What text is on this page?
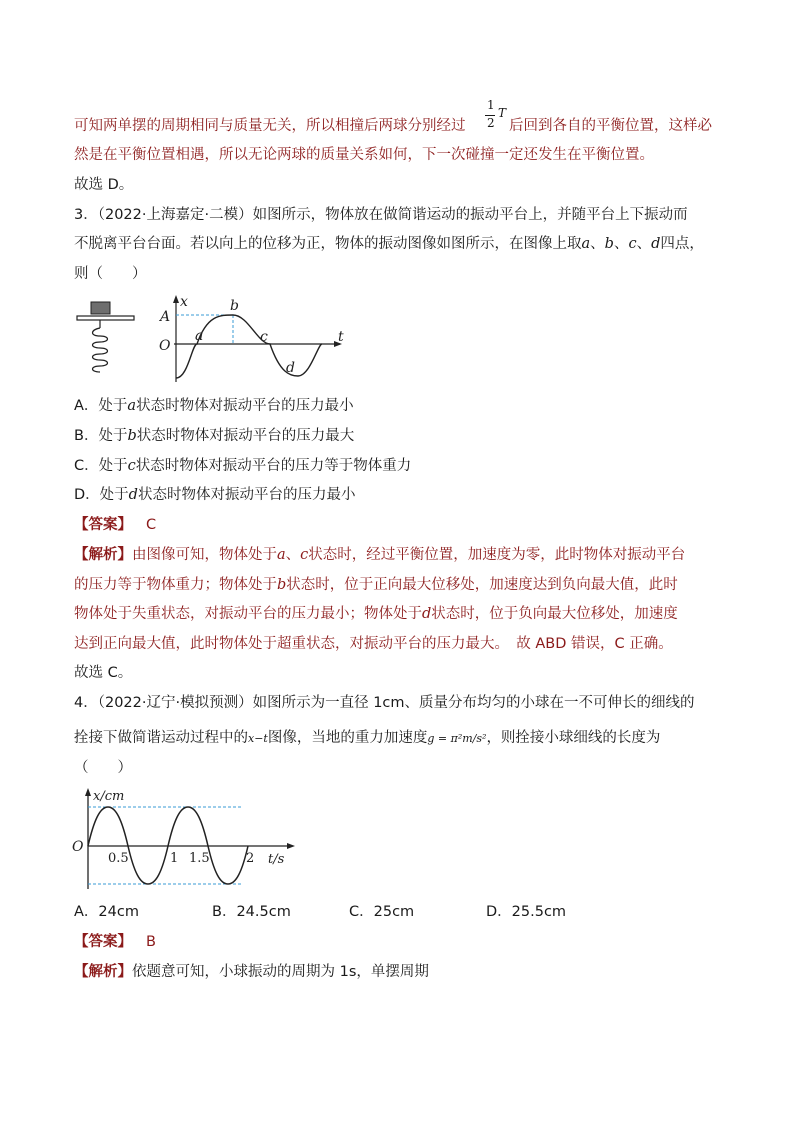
可知两单摆的周期相同与质量无关，所以相撞后两球分别经过
1
2
T
后回到各自的平衡位置，这样必
然是在平衡位置相遇，所以无论两球的质量关系如何，下一次碰撞一定还发生在平衡位置。
故选 D。
3．（2022·上海嘉定·二模）如图所示，物体放在做简谐运动的振动平台上，并随平台上下振动而
不脱离平台台面。若以向上的位移为正，物体的振动图像如图所示，在图像上取a、b、c、d四点，
则（　　）
x
A
O
t
a
b
c
d
A．处于a状态时物体对振动平台的压力最小
B．处于b状态时物体对振动平台的压力最大
C．处于c状态时物体对振动平台的压力等于物体重力
D．处于d状态时物体对振动平台的压力最小
【答案】 C
【解析】由图像可知，物体处于a、c状态时，经过平衡位置，加速度为零，此时物体对振动平台
的压力等于物体重力；物体处于b状态时，位于正向最大位移处，加速度达到负向最大值，此时
物体处于失重状态，对振动平台的压力最小；物体处于d状态时，位于负向最大位移处，加速度
达到正向最大值，此时物体处于超重状态，对振动平台的压力最大。　故 ABD 错误，C 正确。
故选 C。
4．（2022·辽宁·模拟预测）如图所示为一直径 1cm、质量分布均匀的小球在一不可伸长的细线的
拴接下做简谐运动过程中的x−t图像，当地的重力加速度g = π²m/s²，则拴接小球细线的长度为
（　　）
x/cm
O
0.5	1 1.5	2 t/s
A．24cm	B．24.5cm	C．25cm	D．25.5cm
【答案】 B
【解析】依题意可知，小球振动的周期为 1s，单摆周期
